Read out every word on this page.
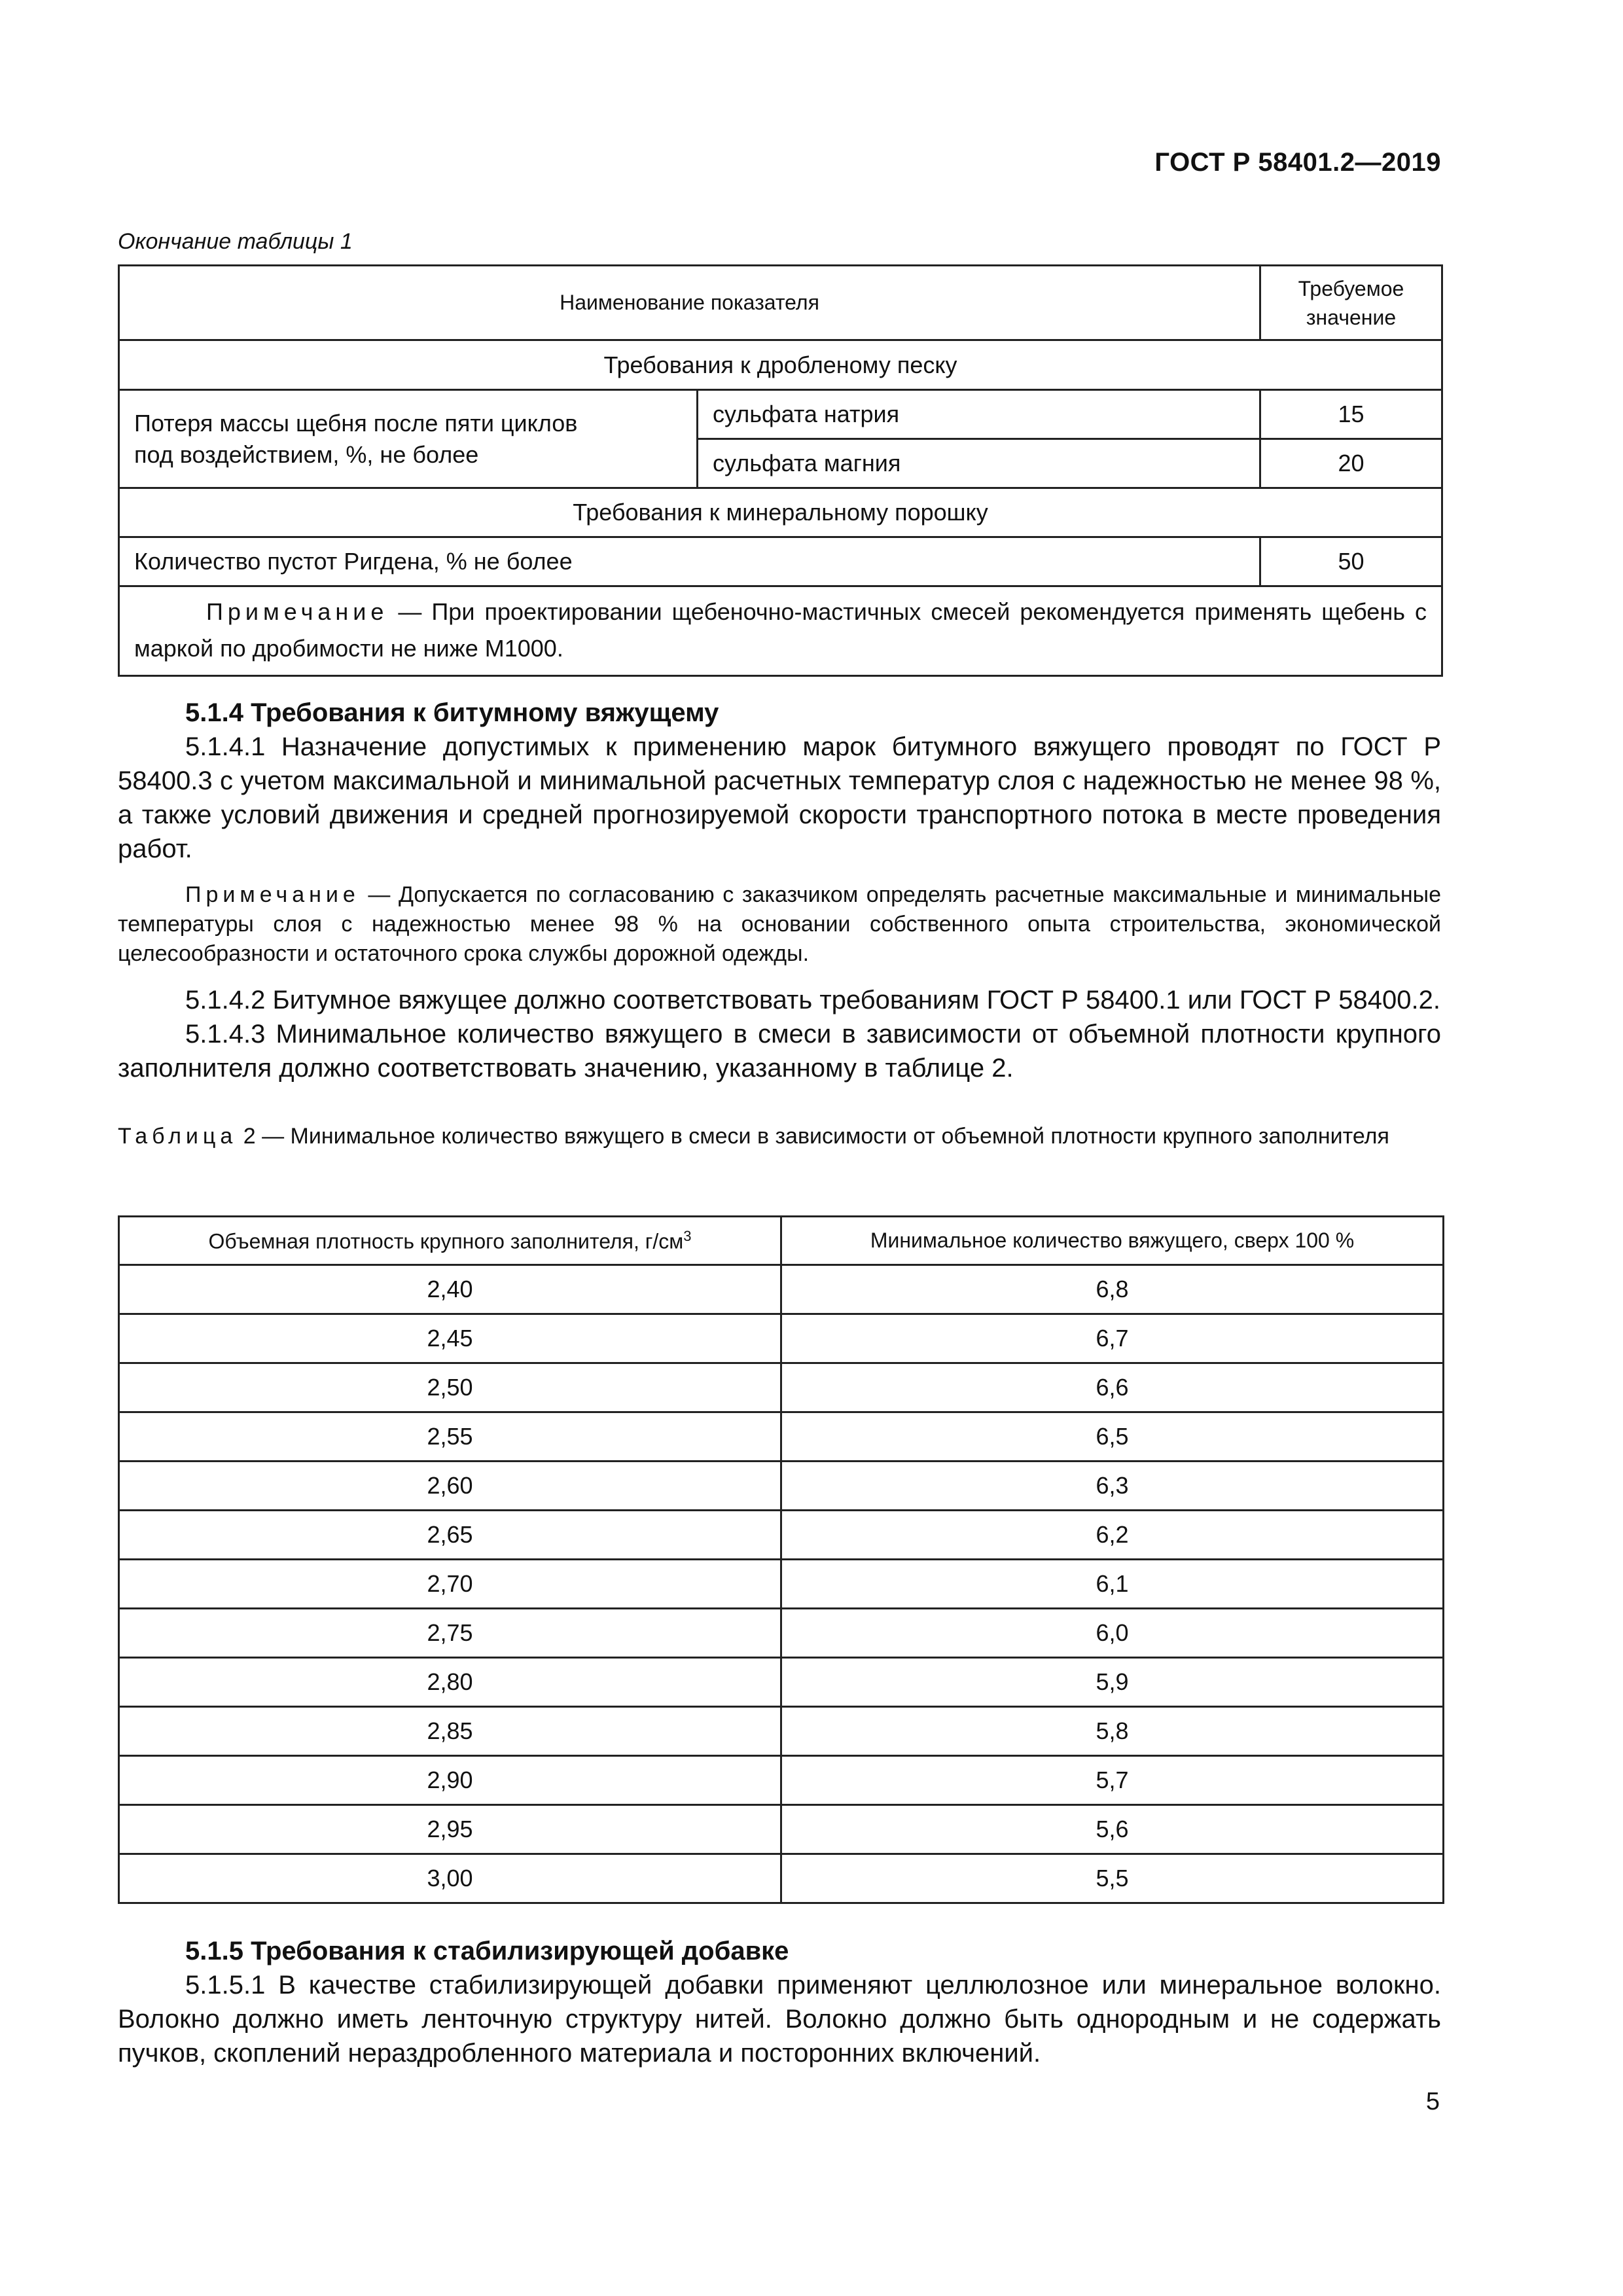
ГОСТ Р 58401.2—2019
Окончание таблицы 1
Наименование показателя		Требуемое
значение

Требования к дробленому песку		

Потеря массы щебня после пяти циклов
под воздействием, %, не более	сульфата натрия	15
	сульфата магния	20
Требования к минеральному порошку		
Количество пустот Ригдена, % не более		50
Примечание — При проектировании щебеночно-мастичных смесей рекомендуется применять щебень с маркой по дробимости не ниже М1000.		

5.1.4 Требования к битумному вяжущему

5.1.4.1 Назначение допустимых к применению марок битумного вяжущего проводят по ГОСТ Р 58400.3 с учетом максимальной и минимальной расчетных температур слоя с надежностью не менее 98 %, а также условий движения и средней прогнозируемой скорости транспортного потока в месте проведения работ.

Примечание — Допускается по согласованию с заказчиком определять расчетные максимальные и минимальные температуры слоя с надежностью менее 98 % на основании собственного опыта строительства, экономической целесообразности и остаточного срока службы дорожной одежды.

5.1.4.2 Битумное вяжущее должно соответствовать требованиям ГОСТ Р 58400.1 или ГОСТ Р 58400.2.

5.1.4.3 Минимальное количество вяжущего в смеси в зависимости от объемной плотности крупного заполнителя должно соответствовать значению, указанному в таблице 2.

Таблица 2 — Минимальное количество вяжущего в смеси в зависимости от объемной плотности крупного заполнителя

Объемная плотность крупного заполнителя, $г/см^3$	Минимальное количество вяжущего, сверх 100 %
2,40	6,8
2,45	6,7
2,50	6,6
2,55	6,5
2,60	6,3
2,65	6,2
2,70	6,1
2,75	6,0
2,80	5,9
2,85	5,8
2,90	5,7
2,95	5,6
3,00	5,5

5.1.5 Требования к стабилизирующей добавке

5.1.5.1 В качестве стабилизирующей добавки применяют целлюлозное или минеральное волокно. Волокно должно иметь ленточную структуру нитей. Волокно должно быть однородным и не содержать пучков, скоплений нераздробленного материала и посторонних включений.

5
